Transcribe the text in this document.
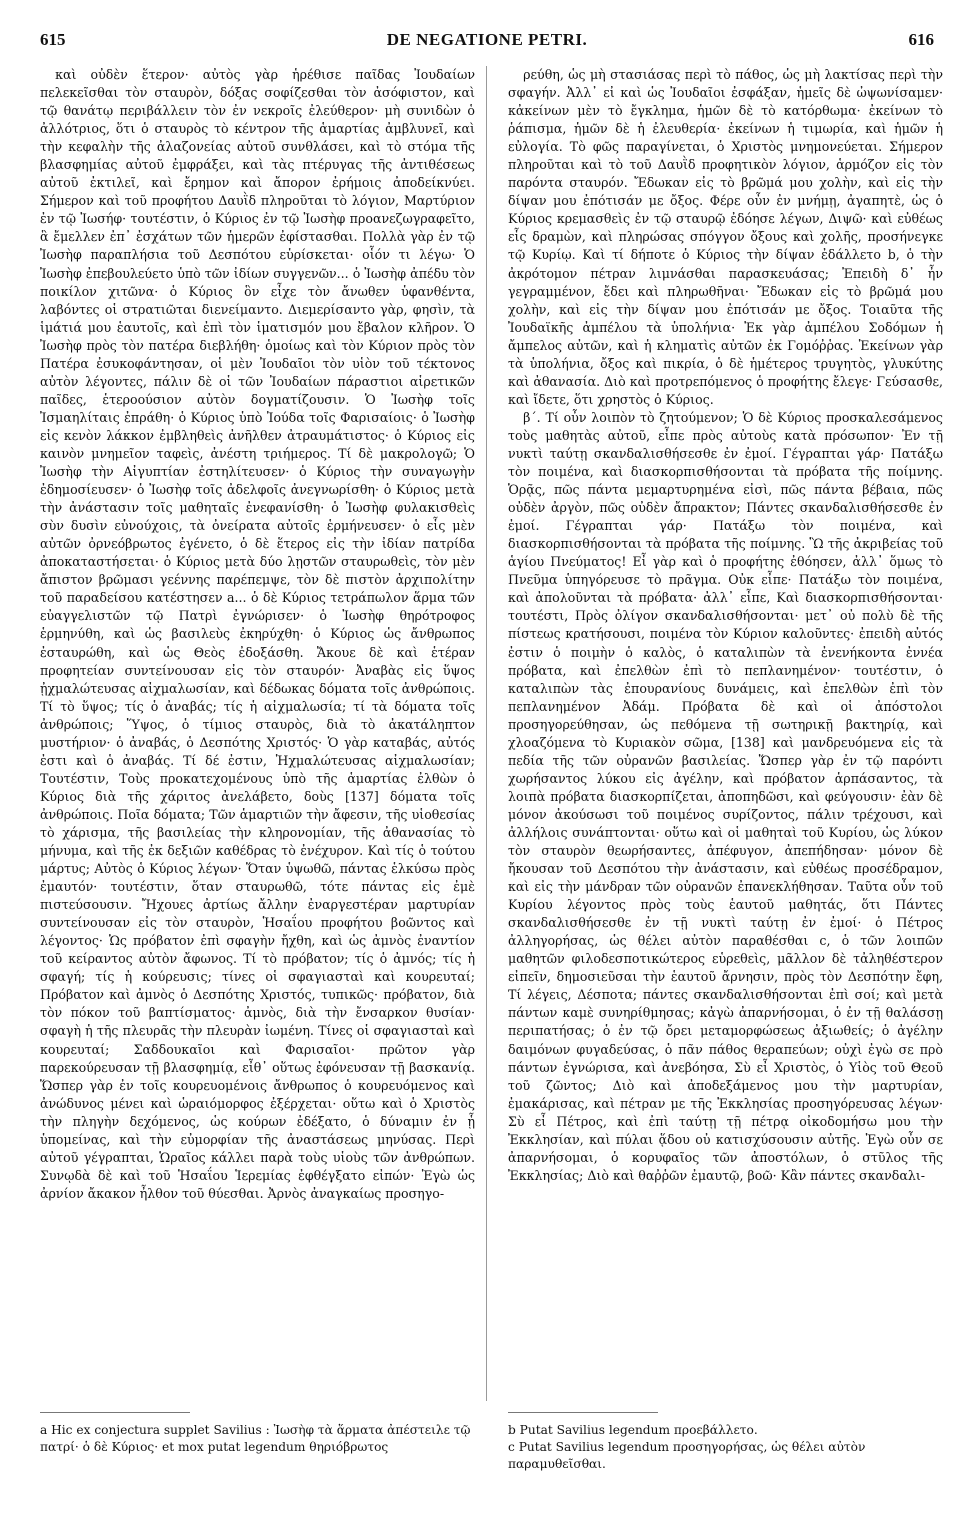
615	DE NEGATIONE PETRI.	616

καὶ οὐδὲν ἕτερον· αὐτὸς γὰρ ἡρέθισε παῖδας Ἰουδαίων πελεκεῖσθαι τὸν σταυρὸν, δόξας σοφίζεσθαι τὸν ἀσόφιστον, καὶ τῷ θανάτῳ περιβάλλειν τὸν ἐν νεκροῖς ἐλεύθερον· μὴ συνιδὼν ὁ ἀλλότριος, ὅτι ὁ σταυρὸς τὸ κέντρον τῆς ἁμαρτίας ἀμβλυνεῖ, καὶ τὴν κεφαλὴν τῆς ἀλαζονείας αὐτοῦ συνθλάσει, καὶ τὸ στόμα τῆς βλασφημίας αὐτοῦ ἐμφράξει, καὶ τὰς πτέρυγας τῆς ἀντιθέσεως αὐτοῦ ἐκτιλεῖ, καὶ ἔρημον καὶ ἄπορον ἐρήμοις ἀποδείκνύει. Σήμερον καὶ τοῦ προφήτου Δαυῒδ πληροῦται τὸ λόγιον, Μαρτύριον ἐν τῷ Ἰωσήφ· τουτέστιν, ὁ Κύριος ἐν τῷ Ἰωσὴφ προανεζωγραφεῖτο, ἃ ἔμελλεν ἐπ᾽ ἐσχάτων τῶν ἡμερῶν ἐφίστασθαι. Πολλὰ γὰρ ἐν τῷ Ἰωσὴφ παραπλήσια τοῦ Δεσπότου εὑρίσκεται· οἷόν τι λέγω· Ὁ Ἰωσὴφ ἐπεβουλεύετο ὑπὸ τῶν ἰδίων συγγενῶν... ὁ Ἰωσὴφ ἀπέδυ τὸν ποικίλον χιτῶνα· ὁ Κύριος ὃν εἶχε τὸν ἄνωθεν ὑφανθέντα, λαβόντες οἱ στρατιῶται διενείμαντο. Διεμερίσαντο γὰρ, φησὶν, τὰ ἱμάτιά μου ἑαυτοῖς, καὶ ἐπὶ τὸν ἱματισμόν μου ἔβαλον κλῆρον. Ὁ Ἰωσὴφ πρὸς τὸν πατέρα διεβλήθη· ὁμοίως καὶ τὸν Κύριον πρὸς τὸν Πατέρα ἐσυκοφάντησαν, οἱ μὲν Ἰουδαῖοι τὸν υἱὸν τοῦ τέκτονος αὐτὸν λέγοντες, πάλιν δὲ οἱ τῶν Ἰουδαίων πάραστιοι αἱρετικῶν παῖδες, ἑτεροούσιον αὐτὸν δογματίζουσιν. Ὁ Ἰωσὴφ τοῖς Ἰσμαηλίταις ἐπράθη· ὁ Κύριος ὑπὸ Ἰούδα τοῖς Φαρισαίοις· ὁ Ἰωσὴφ εἰς κενὸν λάκκον ἐμβληθεὶς ἀνῆλθεν ἀτραυμάτιστος· ὁ Κύριος εἰς καινὸν μνημεῖον ταφεὶς, ἀνέστη τριήμερος. Τί δὲ μακρολογῶ; Ὁ Ἰωσὴφ τὴν Αἰγυπτίαν ἐστηλίτευσεν· ὁ Κύριος τὴν συναγωγὴν ἐδημοσίευσεν· ὁ Ἰωσὴφ τοῖς ἀδελφοῖς ἀνεγνωρίσθη· ὁ Κύριος μετὰ τὴν ἀνάστασιν τοῖς μαθηταῖς ἐνεφανίσθη· ὁ Ἰωσὴφ φυλακισθεὶς σὺν δυσὶν εὐνούχοις, τὰ ὀνείρατα αὐτοῖς ἑρμήνευσεν· ὁ εἷς μὲν αὐτῶν ὀρνεόβρωτος ἐγένετο, ὁ δὲ ἕτερος εἰς τὴν ἰδίαν πατρίδα ἀποκαταστήσεται· ὁ Κύριος μετὰ δύο λῃστῶν σταυρωθεὶς, τὸν μὲν ἄπιστον βρῶμασι γεέννης παρέπεμψε, τὸν δὲ πιστὸν ἀρχιπολίτην τοῦ παραδείσου κατέστησεν a... ὁ δὲ Κύριος τετράπωλον ἅρμα τῶν εὐαγγελιστῶν τῷ Πατρὶ ἐγνώρισεν· ὁ Ἰωσὴφ θηρότροφος ἑρμηνύθη, καὶ ὡς βασιλεὺς ἐκηρύχθη· ὁ Κύριος ὡς ἄνθρωπος ἐσταυρώθη, καὶ ὡς Θεὸς ἐδοξάσθη. Ἄκουε δὲ καὶ ἑτέραν προφητείαν συντείνουσαν εἰς τὸν σταυρόν· Ἀναβὰς εἰς ὕψος ᾐχμαλώτευσας αἰχμαλωσίαν, καὶ δέδωκας δόματα τοῖς ἀνθρώποις. Τί τὸ ὕψος; τίς ὁ ἀναβάς; τίς ἡ αἰχμαλωσία; τί τὰ δόματα τοῖς ἀνθρώποις; Ὕψος, ὁ τίμιος σταυρὸς, διὰ τὸ ἀκατάληπτον μυστήριον· ὁ ἀναβάς, ὁ Δεσπότης Χριστός· Ὁ γὰρ καταβάς, αὐτός ἐστι καὶ ὁ ἀναβάς. Τί δέ ἐστιν, Ἠχμαλώτευσας αἰχμαλωσίαν; Τουτέστιν, Τοὺς προκατεχομένους ὑπὸ τῆς ἁμαρτίας ἐλθὼν ὁ Κύριος διὰ τῆς χάριτος ἀνελάβετο, δοὺς [137] δόματα τοῖς ἀνθρώποις. Ποῖα δόματα; Τῶν ἁμαρτιῶν τὴν ἄφεσιν, τῆς υἱοθεσίας τὸ χάρισμα, τῆς βασιλείας τὴν κληρονομίαν, τῆς ἀθανασίας τὸ μήνυμα, καὶ τῆς ἐκ δεξιῶν καθέδρας τὸ ἐνέχυρον. Καὶ τίς ὁ τούτου μάρτυς; Αὐτὸς ὁ Κύριος λέγων· Ὅταν ὑψωθῶ, πάντας ἑλκύσω πρὸς ἐμαυτόν· τουτέστιν, ὅταν σταυρωθῶ, τότε πάντας εἰς ἐμὲ πιστεύσουσιν. Ἤχουες ἀρτίως ἄλλην ἐναργεστέραν μαρτυρίαν συντείνουσαν εἰς τὸν σταυρὸν, Ἡσαΐου προφήτου βοῶντος καὶ λέγοντος· Ὡς πρόβατον ἐπὶ σφαγὴν ἤχθη, καὶ ὡς ἀμνὸς ἐναντίον τοῦ κείραντος αὐτὸν ἄφωνος. Τί τὸ πρόβατον; τίς ὁ ἀμνός; τίς ἡ σφαγή; τίς ἡ κούρευσις; τίνες οἱ σφαγιασταὶ καὶ κουρευταί; Πρόβατον καὶ ἀμνὸς ὁ Δεσπότης Χριστός, τυπικῶς· πρόβατον, διὰ τὸν πόκον τοῦ βαπτίσματος· ἀμνὸς, διὰ τὴν ἔνσαρκον θυσίαν· σφαγὴ ἡ τῆς πλευρᾶς τὴν πλευρὰν ἰωμένη. Τίνες οἱ σφαγιασταὶ καὶ κουρευταί; Σαδδουκαῖοι καὶ Φαρισαῖοι· πρῶτον γὰρ παρεκούρευσαν τῇ βλασφημίᾳ, εἶθ᾽ οὕτως ἐφόνευσαν τῇ βασκανίᾳ. Ὥσπερ γὰρ ἐν τοῖς κουρευομένοις ἄνθρωπος ὁ κουρευόμενος καὶ ἀνώδυνος μένει καὶ ὡραιόμορφος ἐξέρχεται· οὕτω καὶ ὁ Χριστὸς τὴν πληγὴν δεχόμενος, ὡς κούρων ἐδέξατο, ὁ δύναμιν ἐν ᾗ ὑπομείνας, καὶ τὴν εὐμορφίαν τῆς ἀναστάσεως μηνύσας. Περὶ αὐτοῦ γέγραπται, Ὡραῖος κάλλει παρὰ τοὺς υἱοὺς τῶν ἀνθρώπων. Συνῳδὰ δὲ καὶ τοῦ Ἡσαΐου Ἱερεμίας ἐφθέγξατο εἰπών· Ἐγὼ ὡς ἀρνίον ἄκακον ἦλθον τοῦ θύεσθαι. Ἀρνὸς ἀναγκαίως προσηγο-

ρεύθη, ὡς μὴ στασιάσας περὶ τὸ πάθος, ὡς μὴ λακτίσας περὶ τὴν σφαγήν. Ἀλλ᾽ εἰ καὶ ὡς Ἰουδαῖοι ἐσφάξαν, ἡμεῖς δὲ ὠψωνίσαμεν· κἀκείνων μὲν τὸ ἔγκλημα, ἡμῶν δὲ τὸ κατόρθωμα· ἐκείνων τὸ ῥάπισμα, ἡμῶν δὲ ἡ ἐλευθερία· ἐκείνων ἡ τιμωρία, καὶ ἡμῶν ἡ εὐλογία. Τὸ φῶς παραγίνεται, ὁ Χριστὸς μνημονεύεται. Σήμερον πληροῦται καὶ τὸ τοῦ Δαυῒδ προφητικὸν λόγιον, ἁρμόζον εἰς τὸν παρόντα σταυρόν. Ἔδωκαν εἰς τὸ βρῶμά μου χολὴν, καὶ εἰς τὴν δίψαν μου ἐπότισάν με ὄξος. Φέρε οὖν ἐν μνήμῃ, ἀγαπητὲ, ὡς ὁ Κύριος κρεμασθεὶς ἐν τῷ σταυρῷ ἐδόησε λέγων, Διψῶ· καὶ εὐθέως εἷς δραμὼν, καὶ πληρώσας σπόγγον ὄξους καὶ χολῆς, προσήνεγκε τῷ Κυρίῳ. Καὶ τί δήποτε ὁ Κύριος τὴν δίψαν ἐδάλλετο b, ὁ τὴν ἀκρότομον πέτραν λιμνάσθαι παρασκευάσας; Ἐπειδὴ δ᾽ ἦν γεγραμμένον, ἔδει καὶ πληρωθῆναι· Ἔδωκαν εἰς τὸ βρῶμά μου χολὴν, καὶ εἰς τὴν δίψαν μου ἐπότισάν με ὄξος. Τοιαῦτα τῆς Ἰουδαϊκῆς ἀμπέλου τὰ ὑπολήνια· Ἐκ γὰρ ἀμπέλου Σοδόμων ἡ ἄμπελος αὐτῶν, καὶ ἡ κληματὶς αὐτῶν ἐκ Γομόῤῥας. Ἐκείνων γὰρ τὰ ὑπολήνια, ὄξος καὶ πικρία, ὁ δὲ ἡμέτερος τρυγητὸς, γλυκύτης καὶ ἀθανασία. Διὸ καὶ προτρεπόμενος ὁ προφήτης ἔλεγε· Γεύσασθε, καὶ ἴδετε, ὅτι χρηστὸς ὁ Κύριος.

β´. Τί οὖν λοιπὸν τὸ ζητούμενον; Ὁ δὲ Κύριος προσκαλεσάμενος τοὺς μαθητὰς αὐτοῦ, εἶπε πρὸς αὐτοὺς κατὰ πρόσωπον· Ἐν τῇ νυκτὶ ταύτῃ σκανδαλισθήσεσθε ἐν ἐμοί. Γέγραπται γάρ· Πατάξω τὸν ποιμένα, καὶ διασκορπισθήσονται τὰ πρόβατα τῆς ποίμνης. Ὁρᾷς, πῶς πάντα μεμαρτυρημένα εἰσὶ, πῶς πάντα βέβαια, πῶς οὐδὲν ἀργὸν, πῶς οὐδὲν ἄπρακτον; Πάντες σκανδαλισθήσεσθε ἐν ἐμοί. Γέγραπται γάρ· Πατάξω τὸν ποιμένα, καὶ διασκορπισθήσονται τὰ πρόβατα τῆς ποίμνης. Ὢ τῆς ἀκριβείας τοῦ ἁγίου Πνεύματος! Εἶ γὰρ καὶ ὁ προφήτης ἐθόησεν, ἀλλ᾽ ὅμως τὸ Πνεῦμα ὑπηγόρευσε τὸ πρᾶγμα. Οὐκ εἶπε· Πατάξω τὸν ποιμένα, καὶ ἀπολοῦνται τὰ πρόβατα· ἀλλ᾽ εἶπε, Καὶ διασκορπισθήσονται· τουτέστι, Πρὸς ὀλίγον σκανδαλισθήσονται· μετ᾽ οὐ πολὺ δὲ τῆς πίστεως κρατήσουσι, ποιμένα τὸν Κύριον καλοῦντες· ἐπειδὴ αὐτός ἐστιν ὁ ποιμὴν ὁ καλὸς, ὁ καταλιπὼν τὰ ἐνενήκοντα ἐννέα πρόβατα, καὶ ἐπελθὼν ἐπὶ τὸ πεπλανημένον· τουτέστιν, ὁ καταλιπὼν τὰς ἐπουρανίους δυνάμεις, καὶ ἐπελθὼν ἐπὶ τὸν πεπλανημένον Ἀδάμ. Πρόβατα δὲ καὶ οἱ ἀπόστολοι προσηγορεύθησαν, ὡς πεθόμενα τῇ σωτηρικῇ βακτηρίᾳ, καὶ χλοαζόμενα τὸ Κυριακὸν σῶμα, [138] καὶ μανδρευόμενα εἰς τὰ πεδία τῆς τῶν οὐρανῶν βασιλείας. Ὥσπερ γὰρ ἐν τῷ παρόντι χωρήσαντος λύκου εἰς ἀγέλην, καὶ πρόβατον ἁρπάσαντος, τὰ λοιπὰ πρόβατα διασκορπίζεται, ἀποπηδῶσι, καὶ φεύγουσιν· ἐὰν δὲ μόνον ἀκούσωσι τοῦ ποιμένος συρίζοντος, πάλιν τρέχουσι, καὶ ἀλλήλοις συνάπτονται· οὕτω καὶ οἱ μαθηταὶ τοῦ Κυρίου, ὡς λύκον τὸν σταυρὸν θεωρήσαντες, ἀπέφυγον, ἀπεπήδησαν· μόνον δὲ ἤκουσαν τοῦ Δεσπότου τὴν ἀνάστασιν, καὶ εὐθέως προσέδραμον, καὶ εἰς τὴν μάνδραν τῶν οὐρανῶν ἐπανεκλήθησαν. Ταῦτα οὖν τοῦ Κυρίου λέγοντος πρὸς τοὺς ἑαυτοῦ μαθητάς, ὅτι Πάντες σκανδαλισθήσεσθε ἐν τῇ νυκτὶ ταύτῃ ἐν ἐμοί· ὁ Πέτρος ἀλληγορήσας, ὡς θέλει αὐτὸν παραθέσθαι c, ὁ τῶν λοιπῶν μαθητῶν φιλοδεσποτικώτερος εὑρεθεὶς, μᾶλλον δὲ τἀληθέστερον εἰπεῖν, δημοσιεῦσαι τὴν ἑαυτοῦ ἄρνησιν, πρὸς τὸν Δεσπότην ἔφη, Τί λέγεις, Δέσποτα; πάντες σκανδαλισθήσονται ἐπὶ σοί; καὶ μετὰ πάντων καμὲ συνηρίθμησας; κἀγὼ ἀπαρνήσομαι, ὁ ἐν τῇ θαλάσσῃ περιπατήσας; ὁ ἐν τῷ ὄρει μεταμορφώσεως ἀξιωθείς; ὁ ἀγέλην δαιμόνων φυγαδεύσας, ὁ πᾶν πάθος θεραπεύων; οὐχὶ ἐγὼ σε πρὸ πάντων ἐγνώρισα, καὶ ἀνεβόησα, Σὺ εἶ Χριστὸς, ὁ Υἱὸς τοῦ Θεοῦ τοῦ ζῶντος; Διὸ καὶ ἀποδεξάμενος μου τὴν μαρτυρίαν, ἐμακάρισας, καὶ πέτραν με τῆς Ἐκκλησίας προσηγόρευσας λέγων· Σὺ εἶ Πέτρος, καὶ ἐπὶ ταύτῃ τῇ πέτρᾳ οἰκοδομήσω μου τὴν Ἐκκλησίαν, καὶ πύλαι ᾅδου οὐ κατισχύσουσιν αὐτῆς. Ἐγὼ οὖν σε ἀπαρνήσομαι, ὁ κορυφαῖος τῶν ἀποστόλων, ὁ στῦλος τῆς Ἐκκλησίας; Διὸ καὶ θαῤῥῶν ἐμαυτῷ, βοῶ· Κἂν πάντες σκανδαλι-

a Hic ex conjectura supplet Savilius : Ἰωσὴφ τὰ ἅρματα ἀπέστειλε τῷ πατρί· ὁ δὲ Κύριος· et mox putat legendum θηριόβρωτος

b Putat Savilius legendum προεβάλλετο.

c Putat Savilius legendum προσηγορήσας, ὡς θέλει αὐτὸν παραμυθεῖσθαι.
